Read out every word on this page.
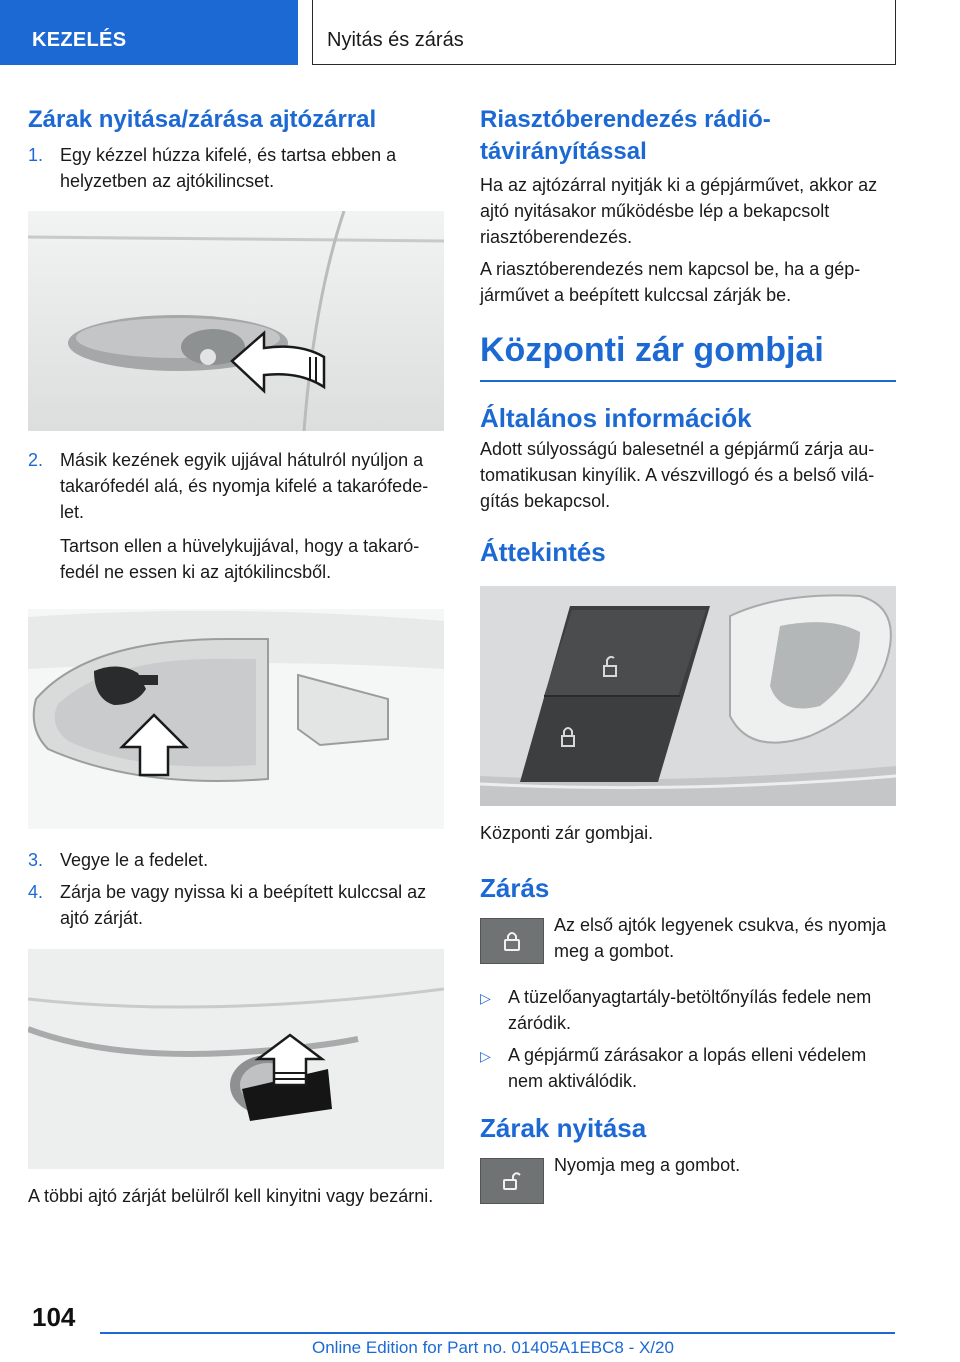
KEZELÉS	Nyitás és zárás
Zárak nyitása/zárása ajtózárral
1. Egy kézzel húzza kifelé, és tartsa ebben a helyzetben az ajtókilincset.
2. Másik kezének egyik ujjával hátulról nyúljon a takarófedél alá, és nyomja kifelé a takarófedelet.
Tartson ellen a hüvelykujjával, hogy a takarófedél ne essen ki az ajtókilincsből.
3. Vegye le a fedelet.
4. Zárja be vagy nyissa ki a beépített kulccsal az ajtó zárját.

A többi ajtó zárját belülről kell kinyitni vagy bezárni.

Riasztóberendezés rádiótávirányítással

Ha az ajtózárral nyitják ki a gépjárművet, akkor az ajtó nyitásakor működésbe lép a bekapcsolt riasztóberendezés.

A riasztóberendezés nem kapcsol be, ha a gépjárművet a beépített kulccsal zárják be.

Központi zár gombjai
Általános információk

Adott súlyosságú balesetnél a gépjármű zárja automatikusan kinyílik. A vészvillogó és a belső világítás bekapcsol.

Áttekintés

Központi zár gombjai.

Zárás
Az első ajtók legyenek csukva, és nyomja meg a gombot.
▷ A tüzelőanyagtartály-betöltőnyílás fedele nem záródik.
▷ A gépjármű zárásakor a lopás elleni védelem nem aktiválódik.
Zárak nyitása
Nyomja meg a gombot.
104
Online Edition for Part no. 01405A1EBC8 - X/20
